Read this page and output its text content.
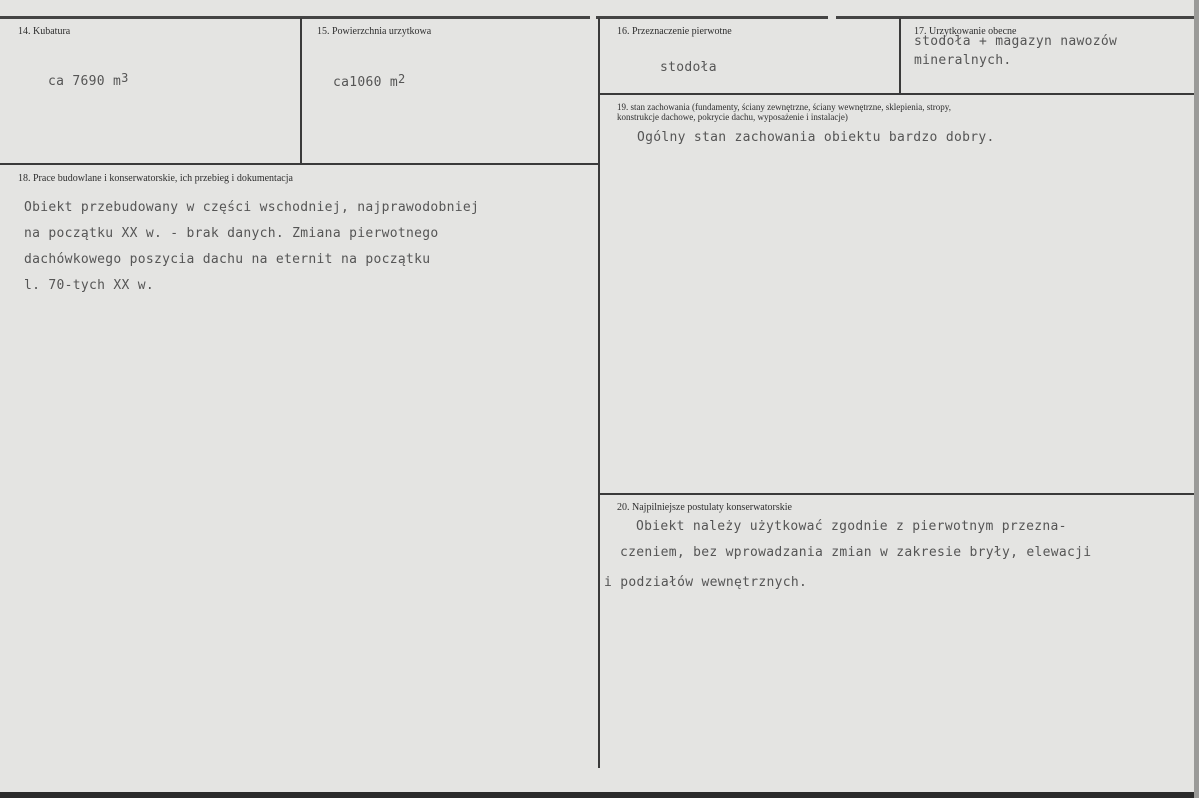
14. Kubatura
ca 7690 $m^3$
15. Powierzchnia urzytkowa
ca1060 $m^2$
16. Przeznaczenie pierwotne
stodoła
17. Urzytkowanie obecne
stodoła + magazyn nawozów
mineralnych.
18. Prace budowlane i konserwatorskie, ich przebieg i dokumentacja
Obiekt przebudowany w części wschodniej, najprawodobniej
na początku XX w. - brak danych. Zmiana pierwotnego
dachówkowego poszycia dachu na eternit na początku
l. 70-tych XX w.
19. stan zachowania (fundamenty, ściany zewnętrzne, ściany wewnętrzne, sklepienia, stropy,
konstrukcje dachowe, pokrycie dachu, wyposażenie i instalacje)
Ogólny stan zachowania obiektu bardzo dobry.
20. Najpilniejsze postulaty konserwatorskie
Obiekt należy użytkować zgodnie z pierwotnym przezna-
czeniem, bez wprowadzania zmian w zakresie bryły, elewacji
i podziałów wewnętrznych.
